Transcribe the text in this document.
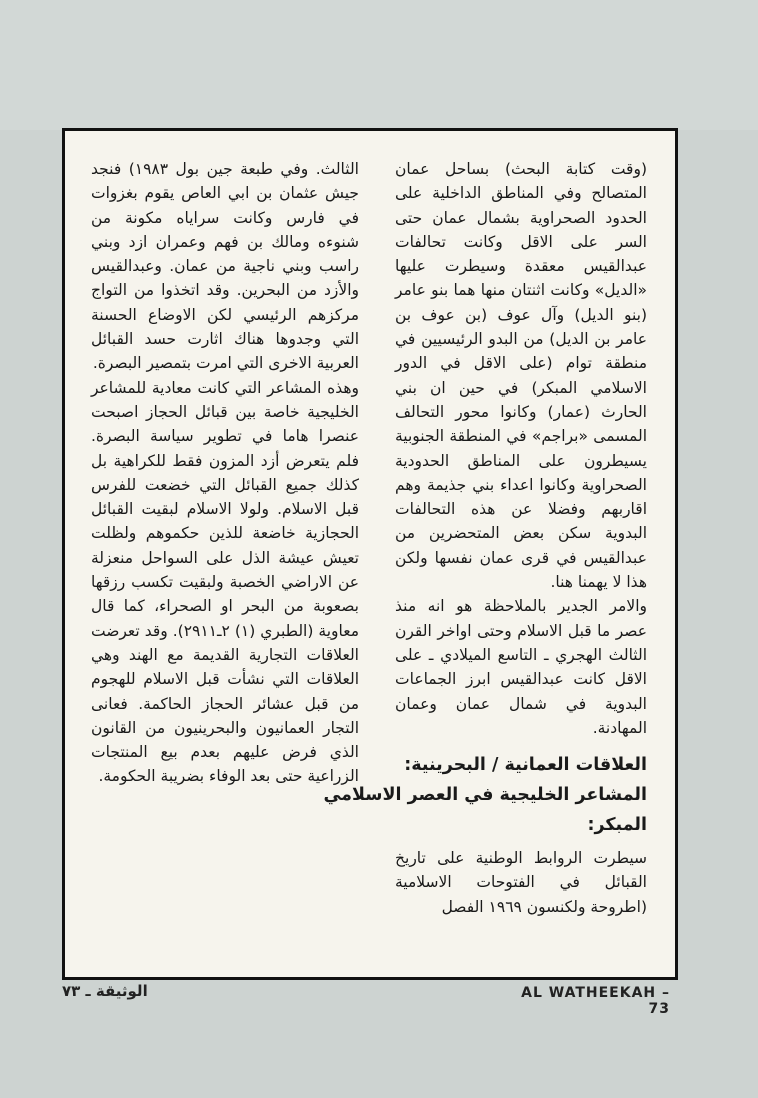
(وقت كتابة البحث) بساحل عمان المتصالح وفي المناطق الداخلية على الحدود الصحراوية بشمال عمان حتى السر على الاقل وكانت تحالفات عبدالقيس معقدة وسيطرت عليها «الديل» وكانت اثنتان منها هما بنو عامر (بنو الديل) وآل عوف (بن عوف بن عامر بن الديل) من البدو الرئيسيين في منطقة توام (على الاقل في الدور الاسلامي المبكر) في حين ان بني الحارث (عمار) وكانوا محور التحالف المسمى «براجم» في المنطقة الجنوبية يسيطرون على المناطق الحدودية الصحراوية وكانوا اعداء بني جذيمة وهم اقاربهم وفضلا عن هذه التحالفات البدوية سكن بعض المتحضرين من عبدالقيس في قرى عمان نفسها ولكن هذا لا يهمنا هنا.

والامر الجدير بالملاحظة هو انه منذ عصر ما قبل الاسلام وحتى اواخر القرن الثالث الهجري ـ التاسع الميلادي ـ على الاقل كانت عبدالقيس ابرز الجماعات البدوية في شمال عمان وعمان المهادنة.

العلاقات العمانية / البحرينية:
المشاعر الخليجية في العصر الاسلامي
المبكر:

سيطرت الروابط الوطنية على تاريخ القبائل في الفتوحات الاسلامية (اطروحة ولكنسون ١٩٦٩ الفصل

الثالث. وفي طبعة جين بول ١٩٨٣) فنجد جيش عثمان بن ابي العاص يقوم بغزوات في فارس وكانت سراياه مكونة من شنوءه ومالك بن فهم وعمران ازد وبني راسب وبني ناجية من عمان. وعبدالقيس والأزد من البحرين. وقد اتخذوا من التواج مركزهم الرئيسي لكن الاوضاع الحسنة التي وجدوها هناك اثارت حسد القبائل العربية الاخرى التي امرت بتمصير البصرة.

وهذه المشاعر التي كانت معادية للمشاعر الخليجية خاصة بين قبائل الحجاز اصبحت عنصرا هاما في تطوير سياسة البصرة. فلم يتعرض أزد المزون فقط للكراهية بل كذلك جميع القبائل التي خضعت للفرس قبل الاسلام. ولولا الاسلام لبقيت القبائل الحجازية خاضعة للذين حكموهم ولظلت تعيش عيشة الذل على السواحل منعزلة عن الاراضي الخصبة ولبقيت تكسب رزقها بصعوبة من البحر او الصحراء، كما قال معاوية (الطبري (١) ٢ـ٢٩١١). وقد تعرضت العلاقات التجارية القديمة مع الهند وهي العلاقات التي نشأت قبل الاسلام للهجوم من قبل عشائر الحجاز الحاكمة. فعانى التجار العمانيون والبحرينيون من القانون الذي فرض عليهم بعدم بيع المنتجات الزراعية حتى بعد الوفاء بضريبة الحكومة.

AL WATHEEKAH – 73
الوثيقة ـ ٧٣
